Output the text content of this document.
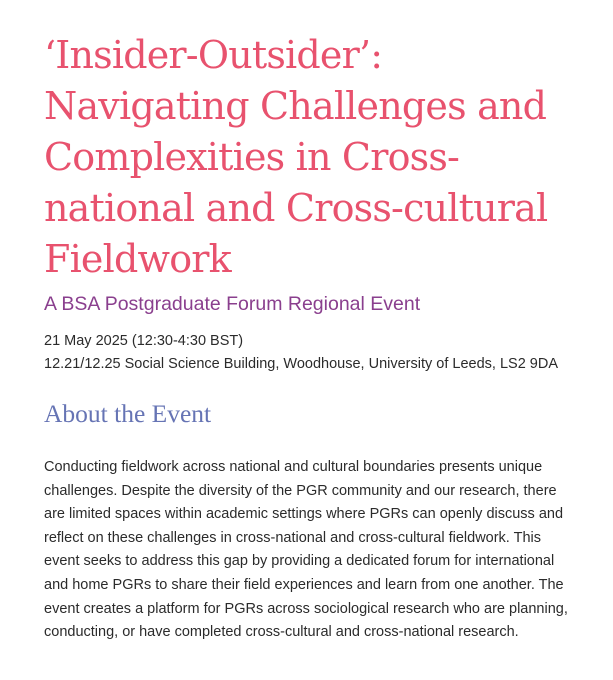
‘Insider-Outsider’: Navigating Challenges and Complexities in Cross-national and Cross-cultural Fieldwork
A BSA Postgraduate Forum Regional Event
21 May 2025 (12:30-4:30 BST)
12.21/12.25 Social Science Building, Woodhouse, University of Leeds, LS2 9DA
About the Event

Conducting fieldwork across national and cultural boundaries presents unique challenges. Despite the diversity of the PGR community and our research, there are limited spaces within academic settings where PGRs can openly discuss and reflect on these challenges in cross-national and cross-cultural fieldwork. This event seeks to address this gap by providing a dedicated forum for international and home PGRs to share their field experiences and learn from one another. The event creates a platform for PGRs across sociological research who are planning, conducting, or have completed cross-cultural and cross-national research.
